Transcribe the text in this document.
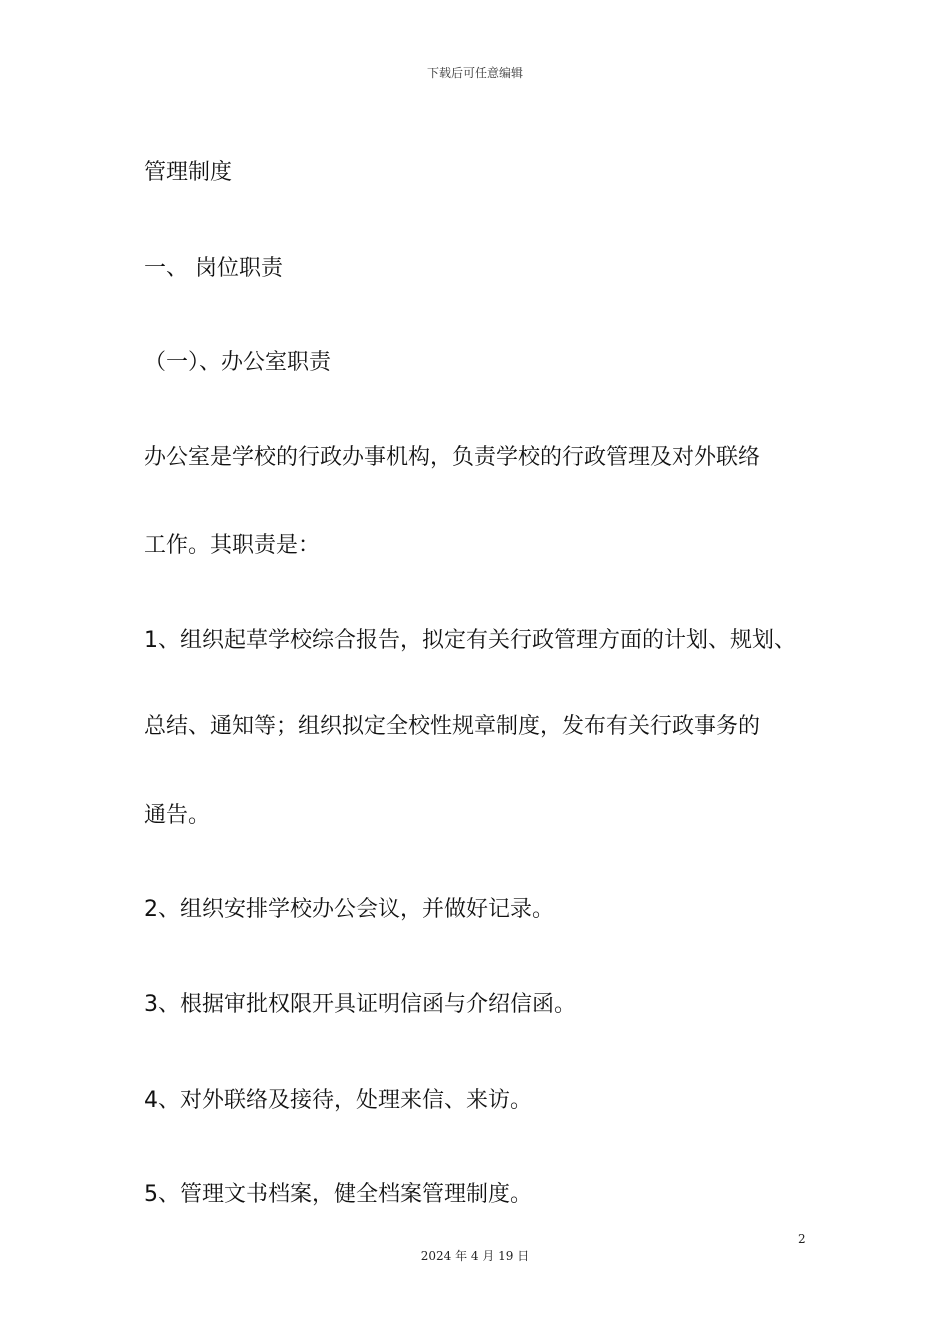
下载后可任意编辑
管理制度
一、 岗位职责
（一）、办公室职责
办公室是学校的行政办事机构，负责学校的行政管理及对外联络
工作。其职责是：
1、组织起草学校综合报告，拟定有关行政管理方面的计划、规划、
总结、通知等；组织拟定全校性规章制度，发布有关行政事务的
通告。
2、组织安排学校办公会议，并做好记录。
3、根据审批权限开具证明信函与介绍信函。
4、对外联络及接待，处理来信、来访。
5、管理文书档案，健全档案管理制度。
2
2024 年 4 月 19 日
